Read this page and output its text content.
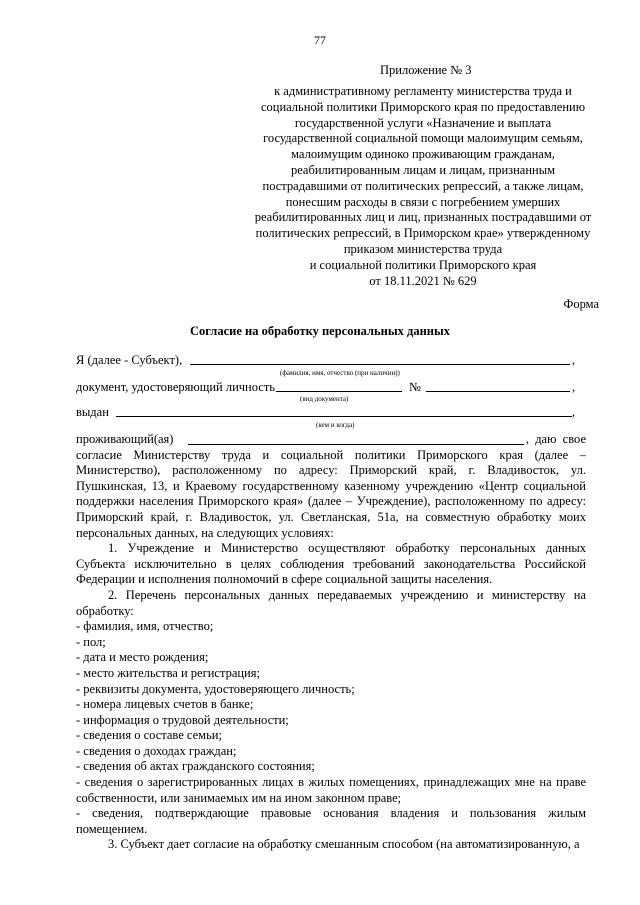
77
Приложение № 3
к административному регламенту министерства труда и
социальной политики Приморского края по предоставлению
государственной услуги «Назначение и выплата
государственной социальной помощи малоимущим семьям,
малоимущим одиноко проживающим гражданам,
реабилитированным лицам и лицам, признанным
пострадавшими от политических репрессий, а также лицам,
понесшим расходы в связи с погребением умерших
реабилитированных лиц и лиц, признанных пострадавшими от
политических репрессий, в Приморском крае» утвержденному
приказом министерства труда
и социальной политики Приморского края
от 18.11.2021 № 629
Форма
Согласие на обработку персональных данных
Я (далее - Субъект),	,
(фамилия, имя, отчество (при наличии))
документ, удостоверяющий личность	№	,
(вид документа)
выдан	,
(кем и когда)
проживающий(ая)	,  даю  свое

согласие Министерству труда и социальной политики Приморского края (далее – Министерство), расположенному по адресу: Приморский край, г. Владивосток, ул. Пушкинская, 13, и Краевому государственному казенному учреждению «Центр социальной поддержки населения Приморского края» (далее – Учреждение), расположенному по адресу: Приморский край, г. Владивосток, ул. Светланская, 51а, на совместную обработку моих персональных данных, на следующих условиях:

1. Учреждение и Министерство осуществляют обработку персональных данных Субъекта исключительно в целях соблюдения требований законодательства Российской Федерации и исполнения полномочий в сфере социальной защиты населения.

2. Перечень персональных данных передаваемых учреждению и министерству на обработку:

- фамилия, имя, отчество;

- пол;

- дата и место рождения;

- место жительства и регистрация;

- реквизиты документа, удостоверяющего личность;

- номера лицевых счетов в банке;

- информация о трудовой деятельности;

- сведения о составе семьи;

- сведения о доходах граждан;

- сведения об актах гражданского состояния;

- сведения о зарегистрированных лицах в жилых помещениях, принадлежащих мне на праве собственности, или занимаемых им на ином законном праве;

- сведения, подтверждающие правовые основания владения и пользования жилым помещением.

3. Субъект дает согласие на обработку смешанным способом (на автоматизированную, а
